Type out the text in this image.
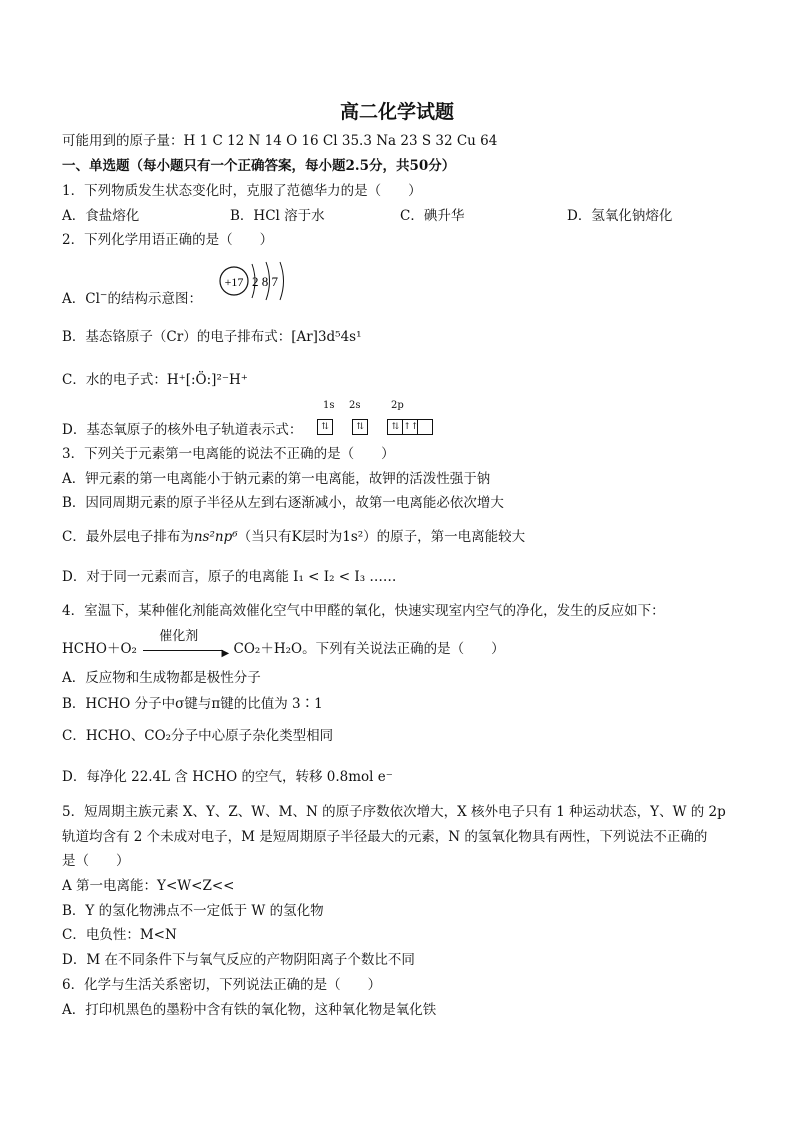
高二化学试题
可能用到的原子量：H 1 C 12 N 14 O 16 Cl 35.3 Na 23 S 32 Cu 64
一、单选题（每小题只有一个正确答案，每小题2.5分，共50分）
1．下列物质发生状态变化时，克服了范德华力的是（　　）
A．食盐熔化	B．HCl 溶于水	C．碘升华	D．氢氧化钠熔化
2．下列化学用语正确的是（　　）
A．Cl−的结构示意图：
+17 2 8 7
B．基态铬原子（Cr）的电子排布式：[Ar]3d⁵4s¹
C．水的电子式：H⁺[:Ö:]²⁻H⁺
1s 2s	2p
D．基态氧原子的核外电子轨道表示式：	⇅	⇅	⇅ ↑↑
3．下列关于元素第一电离能的说法不正确的是（　　）
A．钾元素的第一电离能小于钠元素的第一电离能，故钾的活泼性强于钠
B．因同周期元素的原子半径从左到右逐渐减小，故第一电离能必依次增大
C．最外层电子排布为ns²np⁶（当只有K层时为1s²）的原子，第一电离能较大
D．对于同一元素而言，原子的电离能 I₁ < I₂ < I₃ ……
4．室温下，某种催化剂能高效催化空气中甲醛的氧化，快速实现室内空气的净化，发生的反应如下：
HCHO＋O₂
催化剂
▶ CO₂＋H₂O。下列有关说法正确的是（　　）
A．反应物和生成物都是极性分子
B．HCHO 分子中σ键与π键的比值为 3∶1
C．HCHO、CO₂分子中心原子杂化类型相同
D．每净化 22.4L 含 HCHO 的空气，转移 0.8mol e⁻
5．短周期主族元素 X、Y、Z、W、M、N 的原子序数依次增大，X 核外电子只有 1 种运动状态，Y、W 的 2p
轨道均含有 2 个未成对电子，M 是短周期原子半径最大的元素，N 的氢氧化物具有两性，下列说法不正确的
是（　　）
A 第一电离能：Y<W<Z<<
B．Y 的氢化物沸点不一定低于 W 的氢化物
C．电负性：M<N
D．M 在不同条件下与氧气反应的产物阴阳离子个数比不同
6．化学与生活关系密切，下列说法正确的是（　　）
A．打印机黑色的墨粉中含有铁的氧化物，这种氧化物是氧化铁
